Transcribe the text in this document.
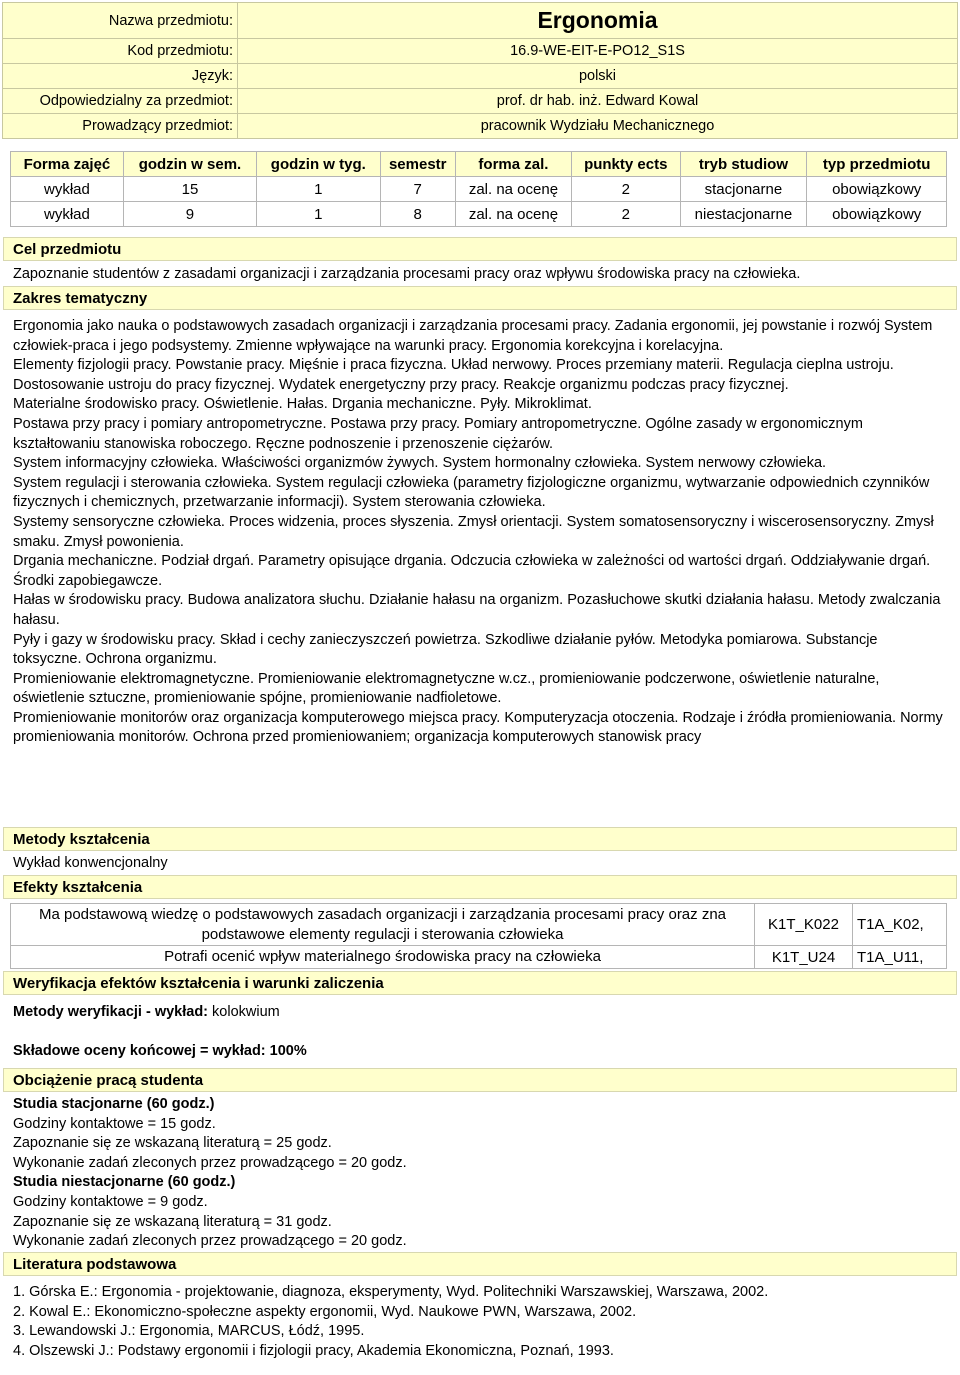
Nazwa przedmiotu:	Ergonomia
Kod przedmiotu:	16.9-WE-EIT-E-PO12_S1S
Język:	polski
Odpowiedzialny za przedmiot:	prof. dr hab. inż. Edward Kowal
Prowadzący przedmiot:	pracownik Wydziału Mechanicznego
Forma zajęć	godzin w sem.	godzin w tyg.	semestr	forma zal.	punkty ects	tryb studiow	typ przedmiotu
wykład	15	1	7	zal. na ocenę	2	stacjonarne	obowiązkowy
wykład	9	1	8	zal. na ocenę	2	niestacjonarne	obowiązkowy
Cel przedmiotu
Zapoznanie studentów z zasadami organizacji i zarządzania procesami pracy oraz wpływu środowiska pracy na człowieka.
Zakres tematyczny
Ergonomia jako nauka o podstawowych zasadach organizacji i zarządzania procesami pracy. Zadania ergonomii, jej powstanie i rozwój System człowiek-praca i jego podsystemy. Zmienne wpływające na warunki pracy. Ergonomia korekcyjna i korelacyjna.
Elementy fizjologii pracy. Powstanie pracy. Mięśnie i praca fizyczna. Układ nerwowy. Proces przemiany materii. Regulacja cieplna ustroju. Dostosowanie ustroju do pracy fizycznej. Wydatek energetyczny przy pracy. Reakcje organizmu podczas pracy fizycznej.
Materialne środowisko pracy. Oświetlenie. Hałas. Drgania mechaniczne. Pyły. Mikroklimat.
Postawa przy pracy i pomiary antropometryczne. Postawa przy pracy. Pomiary antropometryczne. Ogólne zasady w ergonomicznym kształtowaniu stanowiska roboczego. Ręczne podnoszenie i przenoszenie ciężarów.
System informacyjny człowieka. Właściwości organizmów żywych. System hormonalny człowieka. System nerwowy człowieka.
System regulacji i sterowania człowieka. System regulacji człowieka (parametry fizjologiczne organizmu, wytwarzanie odpowiednich czynników fizycznych i chemicznych, przetwarzanie informacji). System sterowania człowieka.
Systemy sensoryczne człowieka. Proces widzenia, proces słyszenia. Zmysł orientacji. System somatosensoryczny i wiscerosensoryczny. Zmysł smaku. Zmysł powonienia.
Drgania mechaniczne. Podział drgań. Parametry opisujące drgania. Odczucia człowieka w zależności od wartości drgań. Oddziaływanie drgań. Środki zapobiegawcze.
Hałas w środowisku pracy. Budowa analizatora słuchu. Działanie hałasu na organizm. Pozasłuchowe skutki działania hałasu. Metody zwalczania hałasu.
Pyły i gazy w środowisku pracy. Skład i cechy zanieczyszczeń powietrza. Szkodliwe działanie pyłów. Metodyka pomiarowa. Substancje toksyczne. Ochrona organizmu.
Promieniowanie elektromagnetyczne. Promieniowanie elektromagnetyczne w.cz., promieniowanie podczerwone, oświetlenie naturalne, oświetlenie sztuczne, promieniowanie spójne, promieniowanie nadfioletowe.
Promieniowanie monitorów oraz organizacja komputerowego miejsca pracy. Komputeryzacja otoczenia. Rodzaje i źródła promieniowania. Normy promieniowania monitorów. Ochrona przed promieniowaniem; organizacja komputerowych stanowisk pracy
Metody kształcenia
Wykład konwencjonalny
Efekty kształcenia
Ma podstawową wiedzę o podstawowych zasadach organizacji i zarządzania procesami pracy oraz zna podstawowe elementy regulacji i sterowania człowieka	K1T_K022	T1A_K02,
Potrafi ocenić wpływ materialnego środowiska pracy na człowieka	K1T_U24	T1A_U11,
Weryfikacja efektów kształcenia i warunki zaliczenia
Metody weryfikacji - wykład: kolokwium
Składowe oceny końcowej = wykład: 100%
Obciążenie pracą studenta
Studia stacjonarne (60 godz.)
Godziny kontaktowe = 15 godz.
Zapoznanie się ze wskazaną literaturą = 25 godz.
Wykonanie zadań zleconych przez prowadzącego = 20 godz.
Studia niestacjonarne (60 godz.)
Godziny kontaktowe = 9 godz.
Zapoznanie się ze wskazaną literaturą = 31 godz.
Wykonanie zadań zleconych przez prowadzącego = 20 godz.
Literatura podstawowa
1. Górska E.: Ergonomia - projektowanie, diagnoza, eksperymenty, Wyd. Politechniki Warszawskiej, Warszawa, 2002.
2. Kowal E.: Ekonomiczno-społeczne aspekty ergonomii, Wyd. Naukowe PWN, Warszawa, 2002.
3. Lewandowski J.: Ergonomia, MARCUS, Łódź, 1995.
4. Olszewski J.: Podstawy ergonomii i fizjologii pracy, Akademia Ekonomiczna, Poznań, 1993.
